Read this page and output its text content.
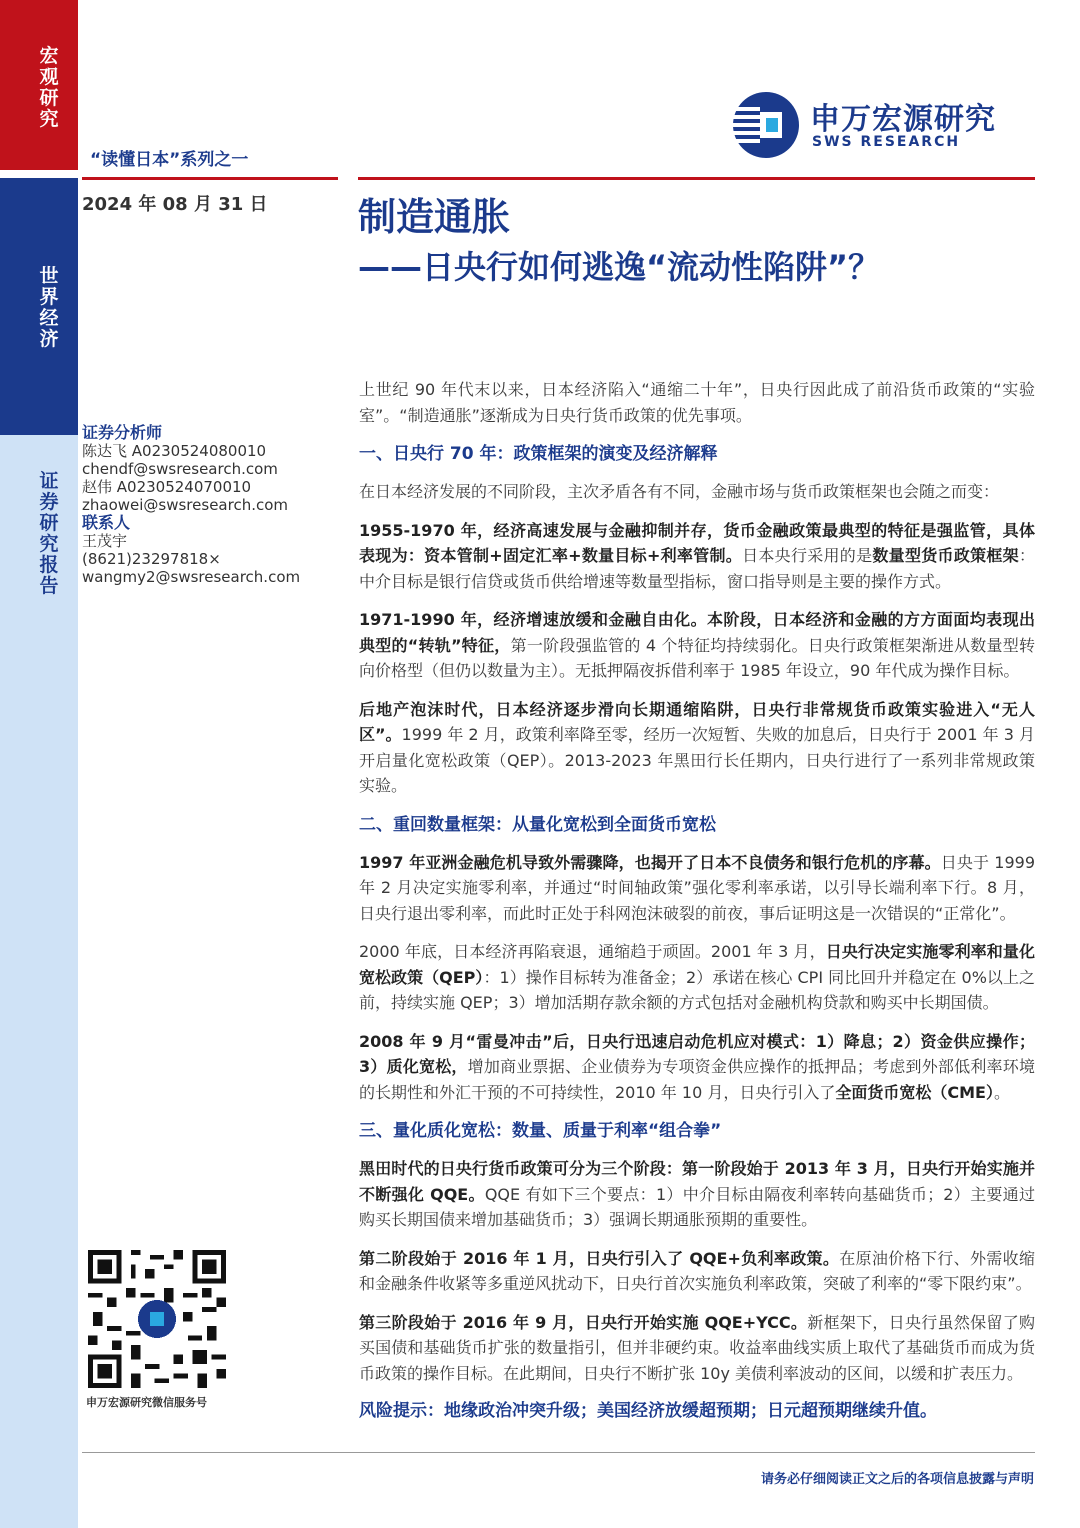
宏观研究
世界经济
证券研究报告
“读懂日本”系列之一
2024 年 08 月 31 日
申万宏源研究
SWS RESEARCH
制造通胀
——日央行如何逃逸“流动性陷阱”？
证券分析师
陈达飞 A0230524080010
chendf@swsresearch.com
赵伟 A0230524070010
zhaowei@swsresearch.com
联系人
王茂宇
(8621)23297818×
wangmy2@swsresearch.com
申万宏源研究微信服务号

上世纪 90 年代末以来，日本经济陷入“通缩二十年”，日央行因此成了前沿货币政策的“实验室”。“制造通胀”逐渐成为日央行货币政策的优先事项。

一、日央行 70 年：政策框架的演变及经济解释

在日本经济发展的不同阶段，主次矛盾各有不同，金融市场与货币政策框架也会随之而变：

1955-1970 年，经济高速发展与金融抑制并存，货币金融政策最典型的特征是强监管，具体表现为：资本管制+固定汇率+数量目标+利率管制。日本央行采用的是数量型货币政策框架：中介目标是银行信贷或货币供给增速等数量型指标，窗口指导则是主要的操作方式。

1971-1990 年，经济增速放缓和金融自由化。本阶段，日本经济和金融的方方面面均表现出典型的“转轨”特征，第一阶段强监管的 4 个特征均持续弱化。日央行政策框架渐进从数量型转向价格型（但仍以数量为主）。无抵押隔夜拆借利率于 1985 年设立，90 年代成为操作目标。

后地产泡沫时代，日本经济逐步滑向长期通缩陷阱，日央行非常规货币政策实验进入“无人区”。1999 年 2 月，政策利率降至零，经历一次短暂、失败的加息后，日央行于 2001 年 3 月开启量化宽松政策（QEP）。2013-2023 年黑田行长任期内，日央行进行了一系列非常规政策实验。

二、重回数量框架：从量化宽松到全面货币宽松

1997 年亚洲金融危机导致外需骤降，也揭开了日本不良债务和银行危机的序幕。日央于 1999 年 2 月决定实施零利率，并通过“时间轴政策”强化零利率承诺，以引导长端利率下行。8 月，日央行退出零利率，而此时正处于科网泡沫破裂的前夜，事后证明这是一次错误的“正常化”。

2000 年底，日本经济再陷衰退，通缩趋于顽固。2001 年 3 月，日央行决定实施零利率和量化宽松政策（QEP）：1）操作目标转为准备金；2）承诺在核心 CPI 同比回升并稳定在 0%以上之前，持续实施 QEP；3）增加活期存款余额的方式包括对金融机构贷款和购买中长期国债。

2008 年 9 月“雷曼冲击”后，日央行迅速启动危机应对模式：1）降息；2）资金供应操作；3）质化宽松，增加商业票据、企业债券为专项资金供应操作的抵押品；考虑到外部低利率环境的长期性和外汇干预的不可持续性，2010 年 10 月，日央行引入了全面货币宽松（CME）。

三、量化质化宽松：数量、质量于利率“组合拳”

黑田时代的日央行货币政策可分为三个阶段：第一阶段始于 2013 年 3 月，日央行开始实施并不断强化 QQE。QQE 有如下三个要点：1）中介目标由隔夜利率转向基础货币；2）主要通过购买长期国债来增加基础货币；3）强调长期通胀预期的重要性。

第二阶段始于 2016 年 1 月，日央行引入了 QQE+负利率政策。在原油价格下行、外需收缩和金融条件收紧等多重逆风扰动下，日央行首次实施负利率政策，突破了利率的“零下限约束”。

第三阶段始于 2016 年 9 月，日央行开始实施 QQE+YCC。新框架下，日央行虽然保留了购买国债和基础货币扩张的数量指引，但并非硬约束。收益率曲线实质上取代了基础货币而成为货币政策的操作目标。在此期间，日央行不断扩张 10y 美债利率波动的区间，以缓和扩表压力。

风险提示：地缘政治冲突升级；美国经济放缓超预期；日元超预期继续升值。

请务必仔细阅读正文之后的各项信息披露与声明
